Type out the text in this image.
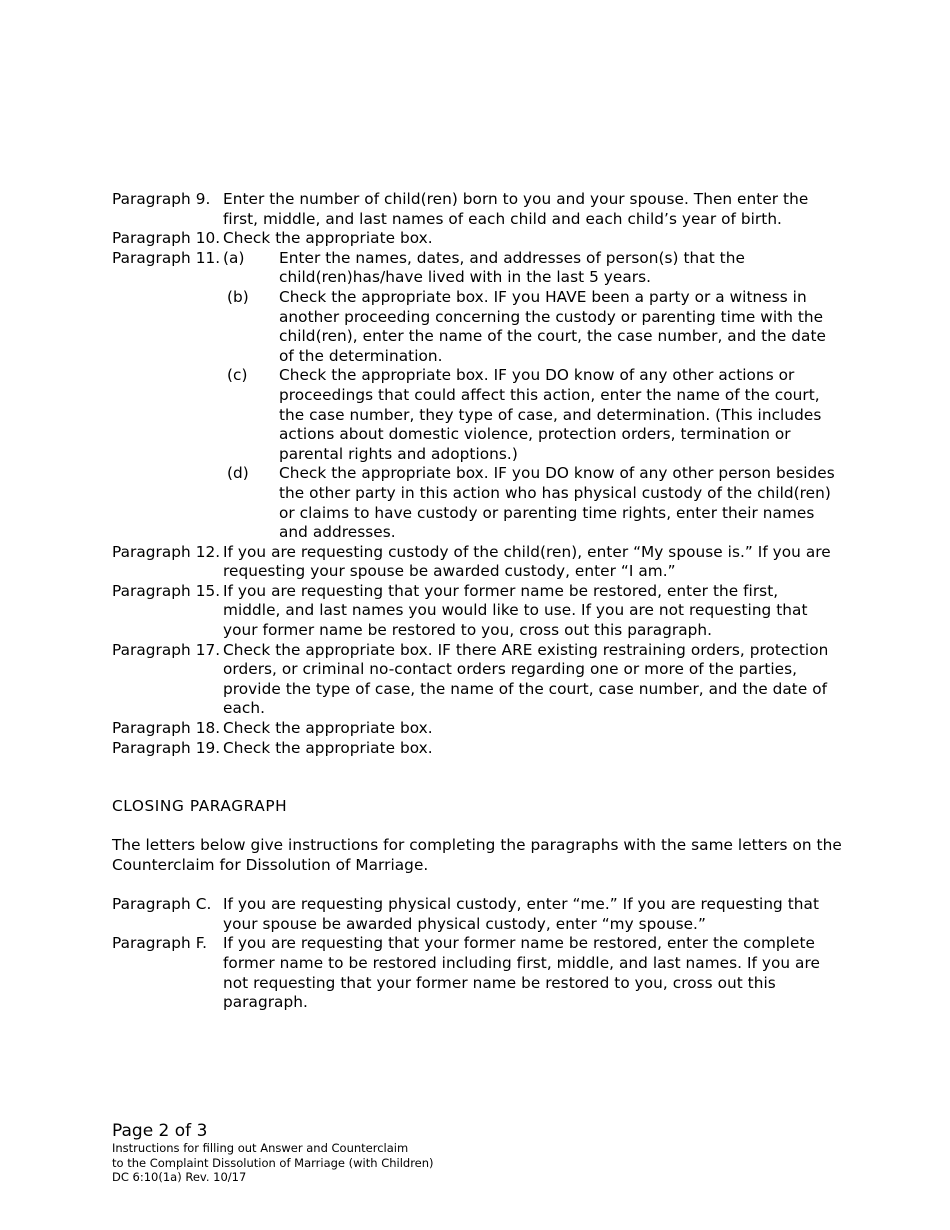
Paragraph 9. Enter the number of child(ren) born to you and your spouse. Then enter the first, middle, and last names of each child and each child’s year of birth.
Paragraph 10. Check the appropriate box.
Paragraph 11. (a) Enter the names, dates, and addresses of person(s) that the child(ren)has/have lived with in the last 5 years.
(b) Check the appropriate box. IF you HAVE been a party or a witness in another proceeding concerning the custody or parenting time with the child(ren), enter the name of the court, the case number, and the date of the determination.
(c) Check the appropriate box. IF you DO know of any other actions or proceedings that could affect this action, enter the name of the court, the case number, they type of case, and determination. (This includes actions about domestic violence, protection orders, termination or parental rights and adoptions.)
(d) Check the appropriate box. IF you DO know of any other person besides the other party in this action who has physical custody of the child(ren) or claims to have custody or parenting time rights, enter their names and addresses.
Paragraph 12. If you are requesting custody of the child(ren), enter “My spouse is.” If you are requesting your spouse be awarded custody, enter “I am.”
Paragraph 15. If you are requesting that your former name be restored, enter the first, middle, and last names you would like to use. If you are not requesting that your former name be restored to you, cross out this paragraph.
Paragraph 17. Check the appropriate box. IF there ARE existing restraining orders, protection orders, or criminal no-contact orders regarding one or more of the parties, provide the type of case, the name of the court, case number, and the date of each.
Paragraph 18. Check the appropriate box.
Paragraph 19. Check the appropriate box.
CLOSING PARAGRAPH
The letters below give instructions for completing the paragraphs with the same letters on the Counterclaim for Dissolution of Marriage.
Paragraph C. If you are requesting physical custody, enter “me.” If you are requesting that your spouse be awarded physical custody, enter “my spouse.”
Paragraph F. If you are requesting that your former name be restored, enter the complete former name to be restored including first, middle, and last names. If you are not requesting that your former name be restored to you, cross out this paragraph.
Page 2 of 3
Instructions for filling out Answer and Counterclaim
to the Complaint Dissolution of Marriage (with Children)
DC 6:10(1a) Rev. 10/17
